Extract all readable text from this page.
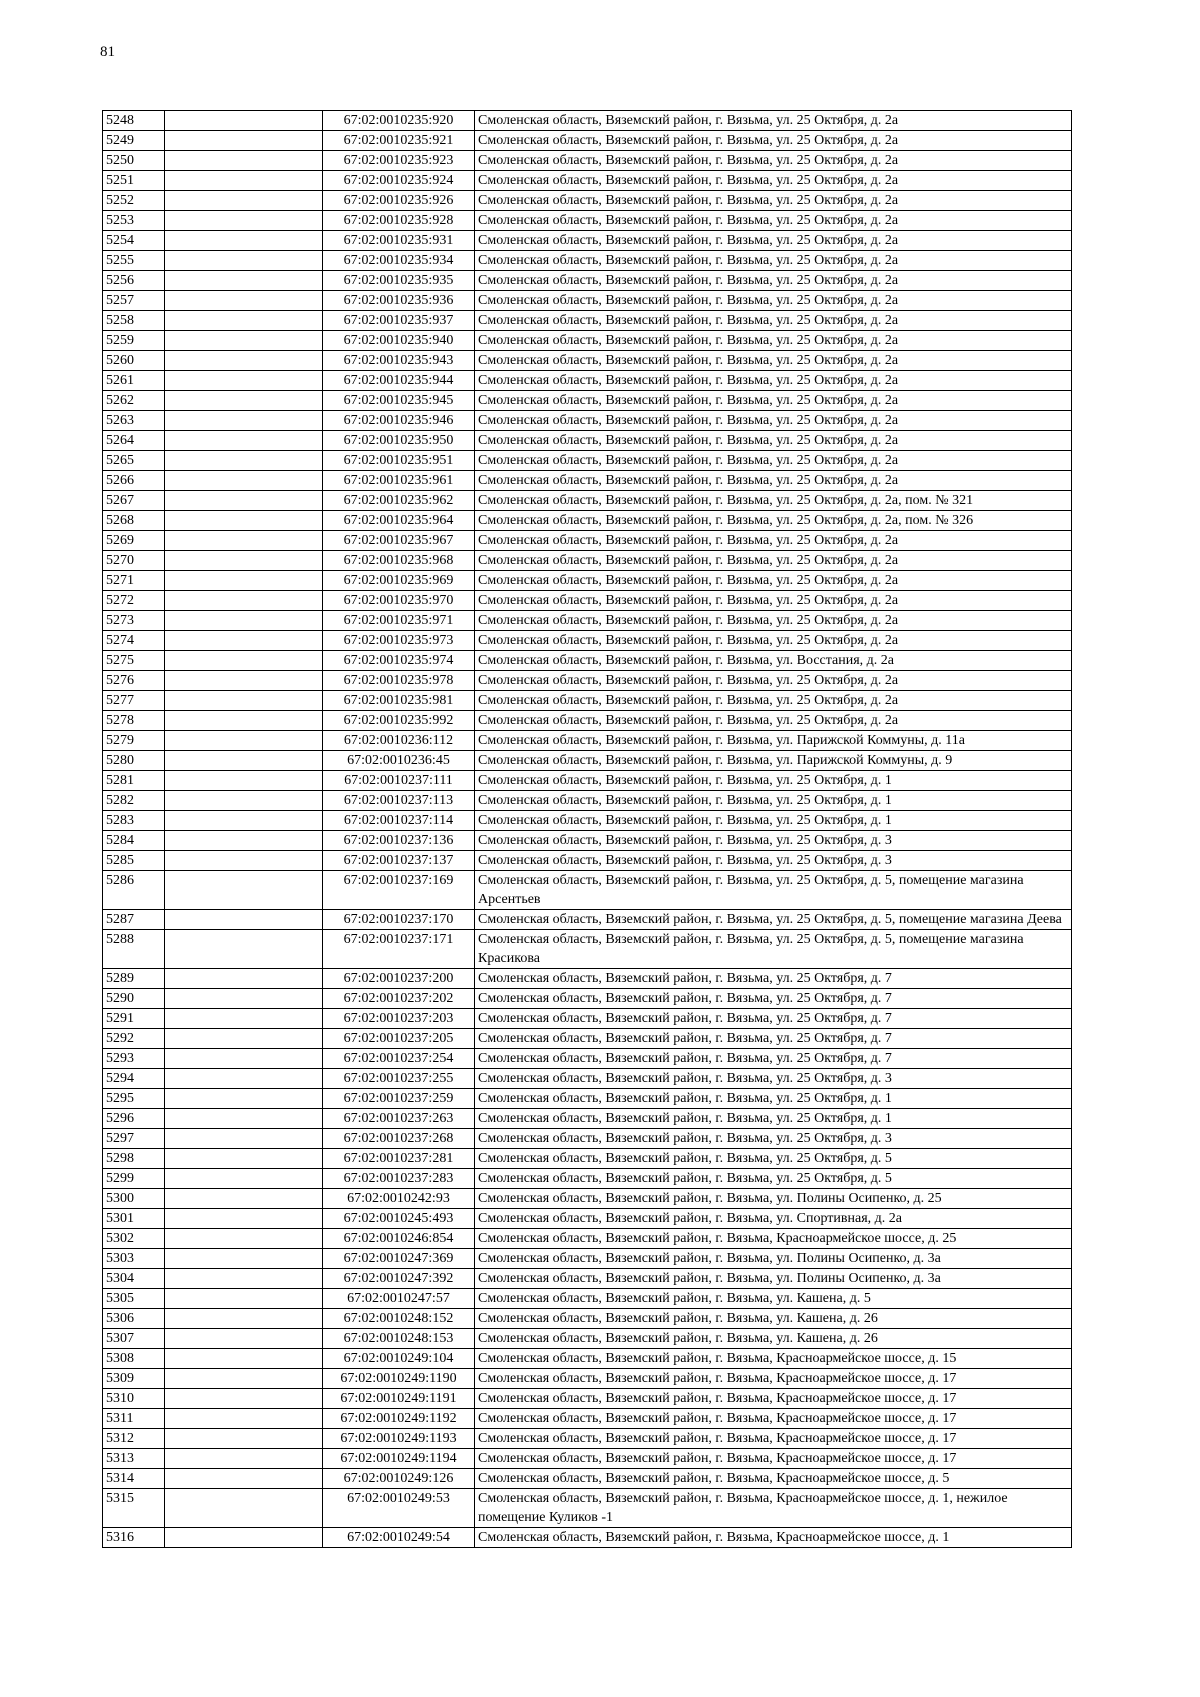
81
5248		67:02:0010235:920	Смоленская область, Вяземский район, г. Вязьма, ул. 25 Октября, д. 2а
5249		67:02:0010235:921	Смоленская область, Вяземский район, г. Вязьма, ул. 25 Октября, д. 2а
5250		67:02:0010235:923	Смоленская область, Вяземский район, г. Вязьма, ул. 25 Октября, д. 2а
5251		67:02:0010235:924	Смоленская область, Вяземский район, г. Вязьма, ул. 25 Октября, д. 2а
5252		67:02:0010235:926	Смоленская область, Вяземский район, г. Вязьма, ул. 25 Октября, д. 2а
5253		67:02:0010235:928	Смоленская область, Вяземский район, г. Вязьма, ул. 25 Октября, д. 2а
5254		67:02:0010235:931	Смоленская область, Вяземский район, г. Вязьма, ул. 25 Октября, д. 2а
5255		67:02:0010235:934	Смоленская область, Вяземский район, г. Вязьма, ул. 25 Октября, д. 2а
5256		67:02:0010235:935	Смоленская область, Вяземский район, г. Вязьма, ул. 25 Октября, д. 2а
5257		67:02:0010235:936	Смоленская область, Вяземский район, г. Вязьма, ул. 25 Октября, д. 2а
5258		67:02:0010235:937	Смоленская область, Вяземский район, г. Вязьма, ул. 25 Октября, д. 2а
5259		67:02:0010235:940	Смоленская область, Вяземский район, г. Вязьма, ул. 25 Октября, д. 2а
5260		67:02:0010235:943	Смоленская область, Вяземский район, г. Вязьма, ул. 25 Октября, д. 2а
5261		67:02:0010235:944	Смоленская область, Вяземский район, г. Вязьма, ул. 25 Октября, д. 2а
5262		67:02:0010235:945	Смоленская область, Вяземский район, г. Вязьма, ул. 25 Октября, д. 2а
5263		67:02:0010235:946	Смоленская область, Вяземский район, г. Вязьма, ул. 25 Октября, д. 2а
5264		67:02:0010235:950	Смоленская область, Вяземский район, г. Вязьма, ул. 25 Октября, д. 2а
5265		67:02:0010235:951	Смоленская область, Вяземский район, г. Вязьма, ул. 25 Октября, д. 2а
5266		67:02:0010235:961	Смоленская область, Вяземский район, г. Вязьма, ул. 25 Октября, д. 2а
5267		67:02:0010235:962	Смоленская область, Вяземский район, г. Вязьма, ул. 25 Октября, д. 2а, пом. № 321
5268		67:02:0010235:964	Смоленская область, Вяземский район, г. Вязьма, ул. 25 Октября, д. 2а, пом. № 326
5269		67:02:0010235:967	Смоленская область, Вяземский район, г. Вязьма, ул. 25 Октября, д. 2а
5270		67:02:0010235:968	Смоленская область, Вяземский район, г. Вязьма, ул. 25 Октября, д. 2а
5271		67:02:0010235:969	Смоленская область, Вяземский район, г. Вязьма, ул. 25 Октября, д. 2а
5272		67:02:0010235:970	Смоленская область, Вяземский район, г. Вязьма, ул. 25 Октября, д. 2а
5273		67:02:0010235:971	Смоленская область, Вяземский район, г. Вязьма, ул. 25 Октября, д. 2а
5274		67:02:0010235:973	Смоленская область, Вяземский район, г. Вязьма, ул. 25 Октября, д. 2а
5275		67:02:0010235:974	Смоленская область, Вяземский район, г. Вязьма, ул. Восстания, д. 2а
5276		67:02:0010235:978	Смоленская область, Вяземский район, г. Вязьма, ул. 25 Октября, д. 2а
5277		67:02:0010235:981	Смоленская область, Вяземский район, г. Вязьма, ул. 25 Октября, д. 2а
5278		67:02:0010235:992	Смоленская область, Вяземский район, г. Вязьма, ул. 25 Октября, д. 2а
5279		67:02:0010236:112	Смоленская область, Вяземский район, г. Вязьма, ул. Парижской Коммуны, д. 11а
5280		67:02:0010236:45	Смоленская область, Вяземский район, г. Вязьма, ул. Парижской Коммуны, д. 9
5281		67:02:0010237:111	Смоленская область, Вяземский район, г. Вязьма, ул. 25 Октября, д. 1
5282		67:02:0010237:113	Смоленская область, Вяземский район, г. Вязьма, ул. 25 Октября, д. 1
5283		67:02:0010237:114	Смоленская область, Вяземский район, г. Вязьма, ул. 25 Октября, д. 1
5284		67:02:0010237:136	Смоленская область, Вяземский район, г. Вязьма, ул. 25 Октября, д. 3
5285		67:02:0010237:137	Смоленская область, Вяземский район, г. Вязьма, ул. 25 Октября, д. 3
5286		67:02:0010237:169	Смоленская область, Вяземский район, г. Вязьма, ул. 25 Октября, д. 5, помещение магазина Арсентьев
5287		67:02:0010237:170	Смоленская область, Вяземский район, г. Вязьма, ул. 25 Октября, д. 5, помещение магазина Деева
5288		67:02:0010237:171	Смоленская область, Вяземский район, г. Вязьма, ул. 25 Октября, д. 5, помещение магазина Красикова
5289		67:02:0010237:200	Смоленская область, Вяземский район, г. Вязьма, ул. 25 Октября, д. 7
5290		67:02:0010237:202	Смоленская область, Вяземский район, г. Вязьма, ул. 25 Октября, д. 7
5291		67:02:0010237:203	Смоленская область, Вяземский район, г. Вязьма, ул. 25 Октября, д. 7
5292		67:02:0010237:205	Смоленская область, Вяземский район, г. Вязьма, ул. 25 Октября, д. 7
5293		67:02:0010237:254	Смоленская область, Вяземский район, г. Вязьма, ул. 25 Октября, д. 7
5294		67:02:0010237:255	Смоленская область, Вяземский район, г. Вязьма, ул. 25 Октября, д. 3
5295		67:02:0010237:259	Смоленская область, Вяземский район, г. Вязьма, ул. 25 Октября, д. 1
5296		67:02:0010237:263	Смоленская область, Вяземский район, г. Вязьма, ул. 25 Октября, д. 1
5297		67:02:0010237:268	Смоленская область, Вяземский район, г. Вязьма, ул. 25 Октября, д. 3
5298		67:02:0010237:281	Смоленская область, Вяземский район, г. Вязьма, ул. 25 Октября, д. 5
5299		67:02:0010237:283	Смоленская область, Вяземский район, г. Вязьма, ул. 25 Октября, д. 5
5300		67:02:0010242:93	Смоленская область, Вяземский район, г. Вязьма, ул. Полины Осипенко, д. 25
5301		67:02:0010245:493	Смоленская область, Вяземский район, г. Вязьма, ул. Спортивная, д. 2а
5302		67:02:0010246:854	Смоленская область, Вяземский район, г. Вязьма, Красноармейское шоссе, д. 25
5303		67:02:0010247:369	Смоленская область, Вяземский район, г. Вязьма, ул. Полины Осипенко, д. 3а
5304		67:02:0010247:392	Смоленская область, Вяземский район, г. Вязьма, ул. Полины Осипенко, д. 3а
5305		67:02:0010247:57	Смоленская область, Вяземский район, г. Вязьма, ул. Кашена, д. 5
5306		67:02:0010248:152	Смоленская область, Вяземский район, г. Вязьма, ул. Кашена, д. 26
5307		67:02:0010248:153	Смоленская область, Вяземский район, г. Вязьма, ул. Кашена, д. 26
5308		67:02:0010249:104	Смоленская область, Вяземский район, г. Вязьма, Красноармейское шоссе, д. 15
5309		67:02:0010249:1190	Смоленская область, Вяземский район, г. Вязьма, Красноармейское шоссе, д. 17
5310		67:02:0010249:1191	Смоленская область, Вяземский район, г. Вязьма, Красноармейское шоссе, д. 17
5311		67:02:0010249:1192	Смоленская область, Вяземский район, г. Вязьма, Красноармейское шоссе, д. 17
5312		67:02:0010249:1193	Смоленская область, Вяземский район, г. Вязьма, Красноармейское шоссе, д. 17
5313		67:02:0010249:1194	Смоленская область, Вяземский район, г. Вязьма, Красноармейское шоссе, д. 17
5314		67:02:0010249:126	Смоленская область, Вяземский район, г. Вязьма, Красноармейское шоссе, д. 5
5315		67:02:0010249:53	Смоленская область, Вяземский район, г. Вязьма, Красноармейское шоссе, д. 1, нежилое помещение Куликов -1
5316		67:02:0010249:54	Смоленская область, Вяземский район, г. Вязьма, Красноармейское шоссе, д. 1
